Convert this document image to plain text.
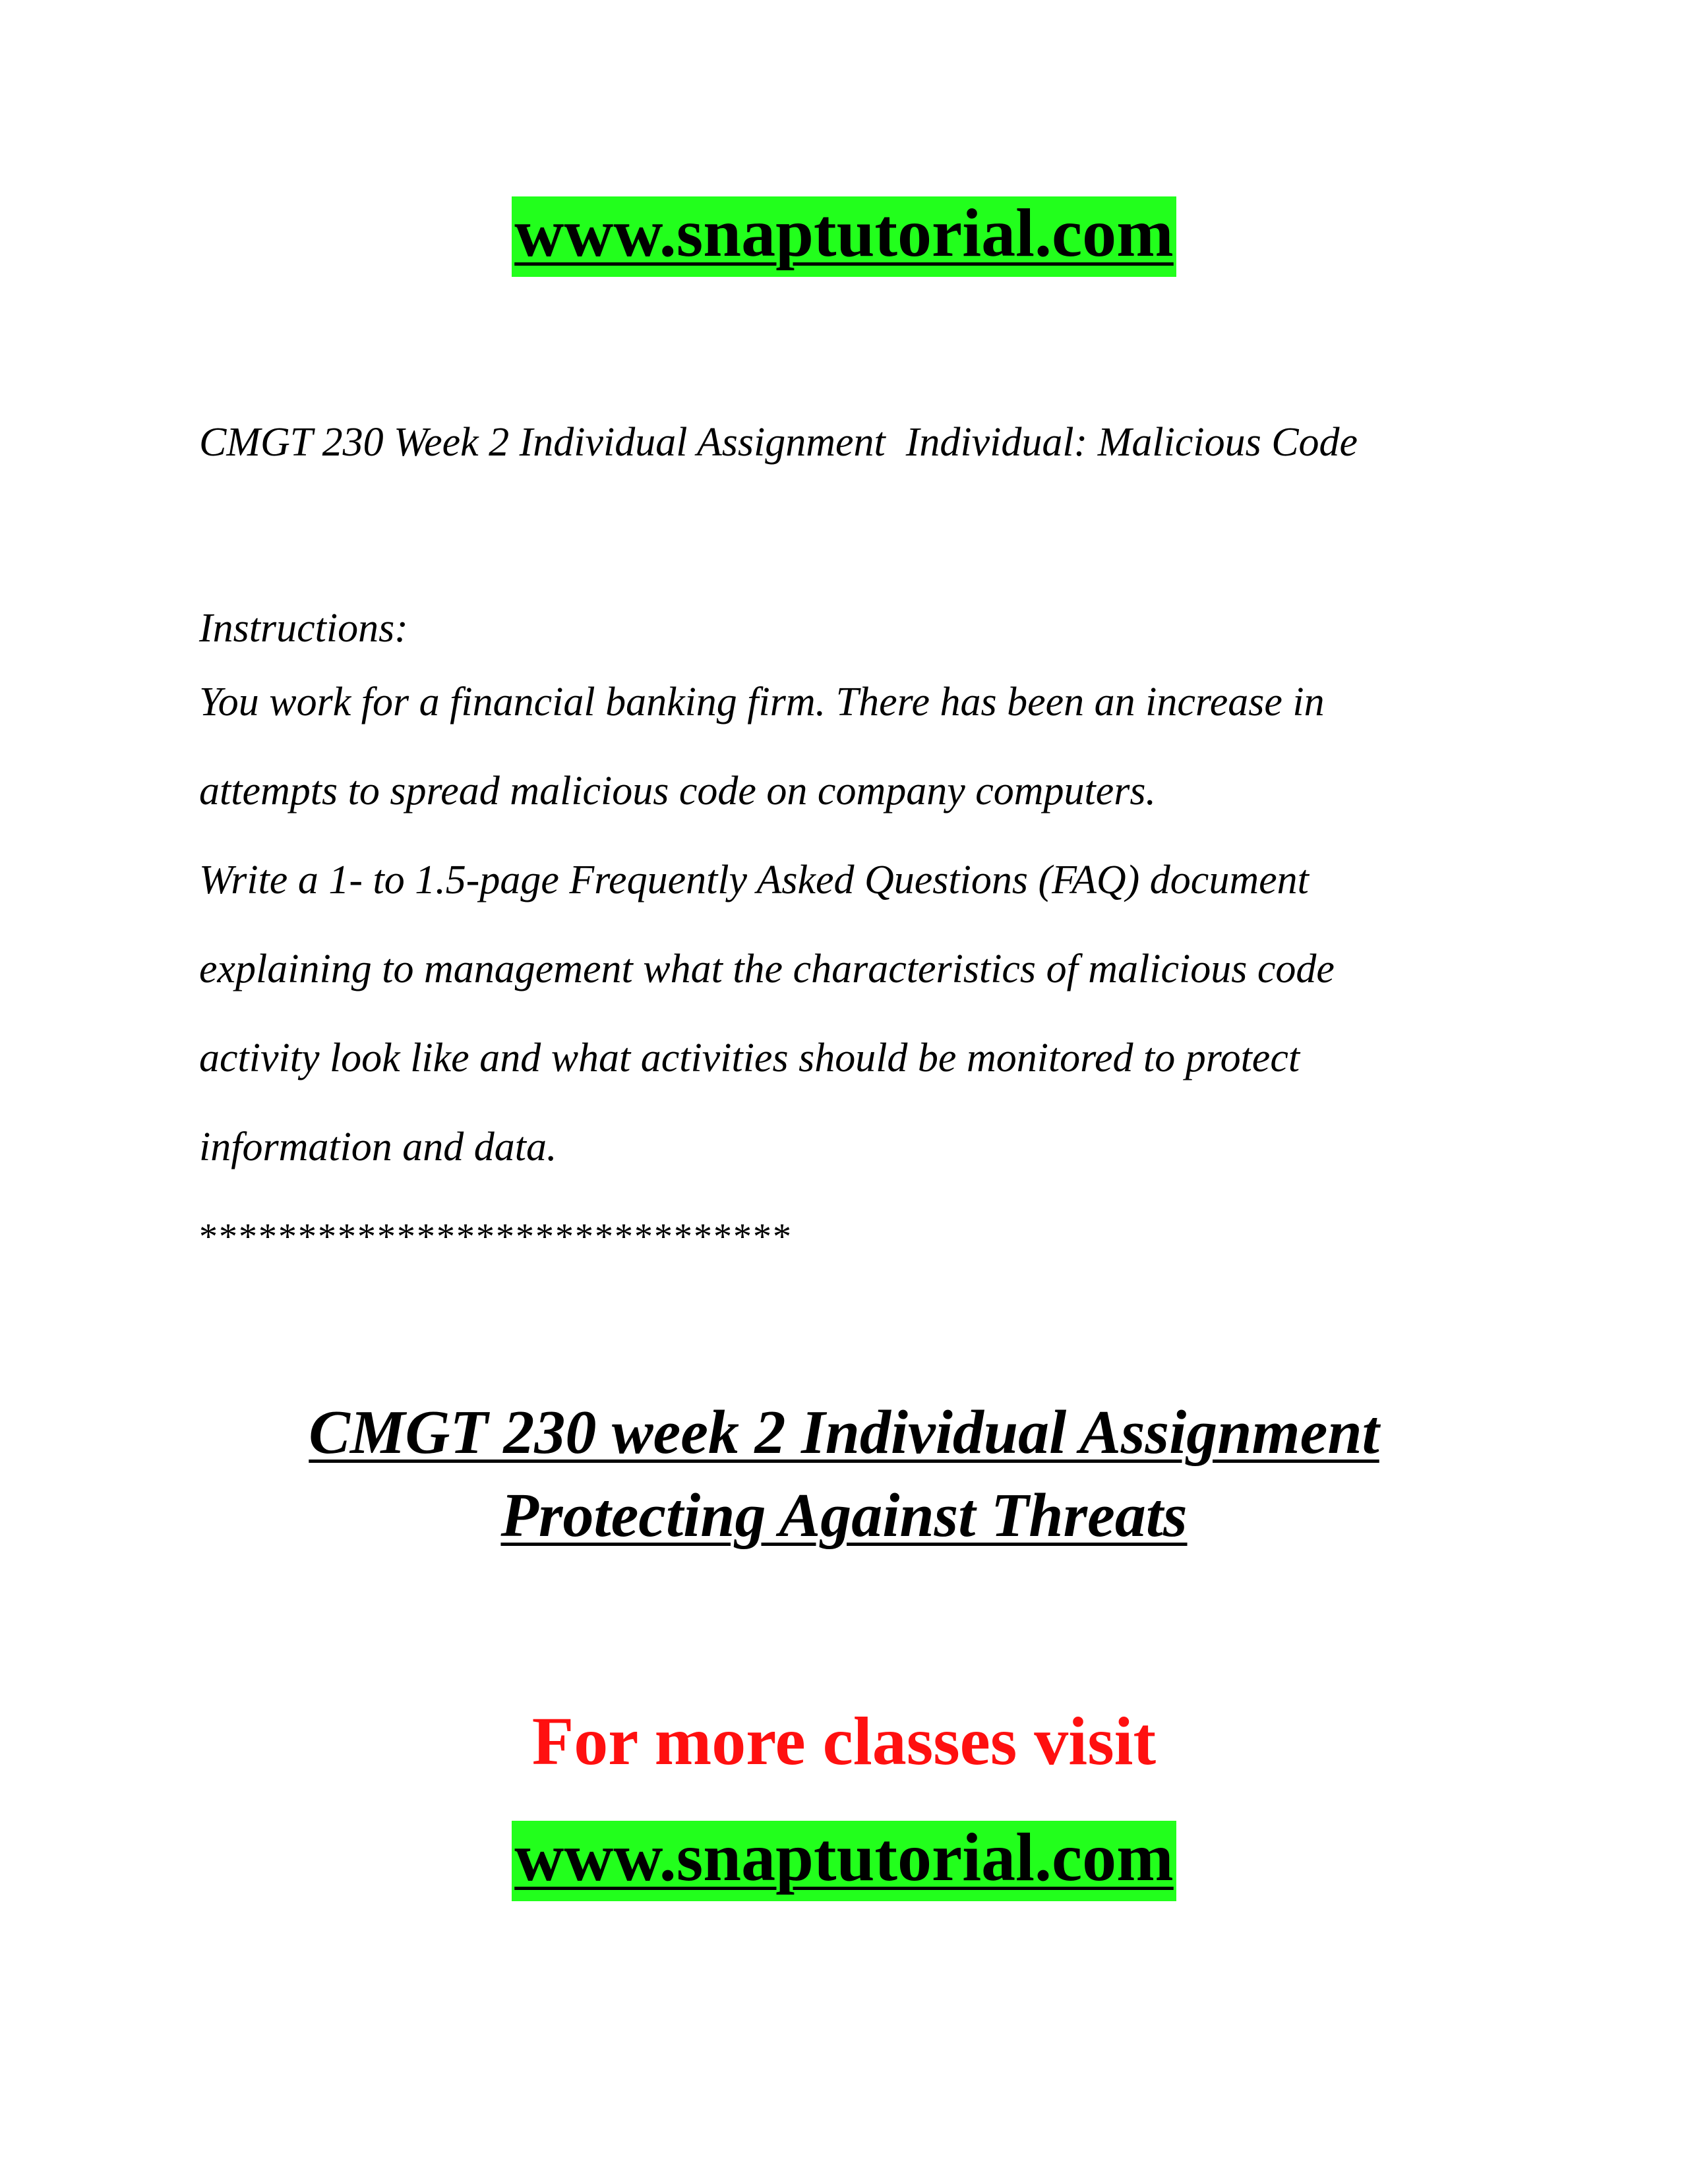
www.snaptutorial.com
CMGT 230 Week 2 Individual Assignment  Individual: Malicious Code
Instructions:
You work for a financial banking firm. There has been an increase in
attempts to spread malicious code on company computers.
Write a 1- to 1.5-page Frequently Asked Questions (FAQ) document
explaining to management what the characteristics of malicious code
activity look like and what activities should be monitored to protect
information and data.
******************************
CMGT 230 week 2 Individual Assignment
Protecting Against Threats
For more classes visit
www.snaptutorial.com
